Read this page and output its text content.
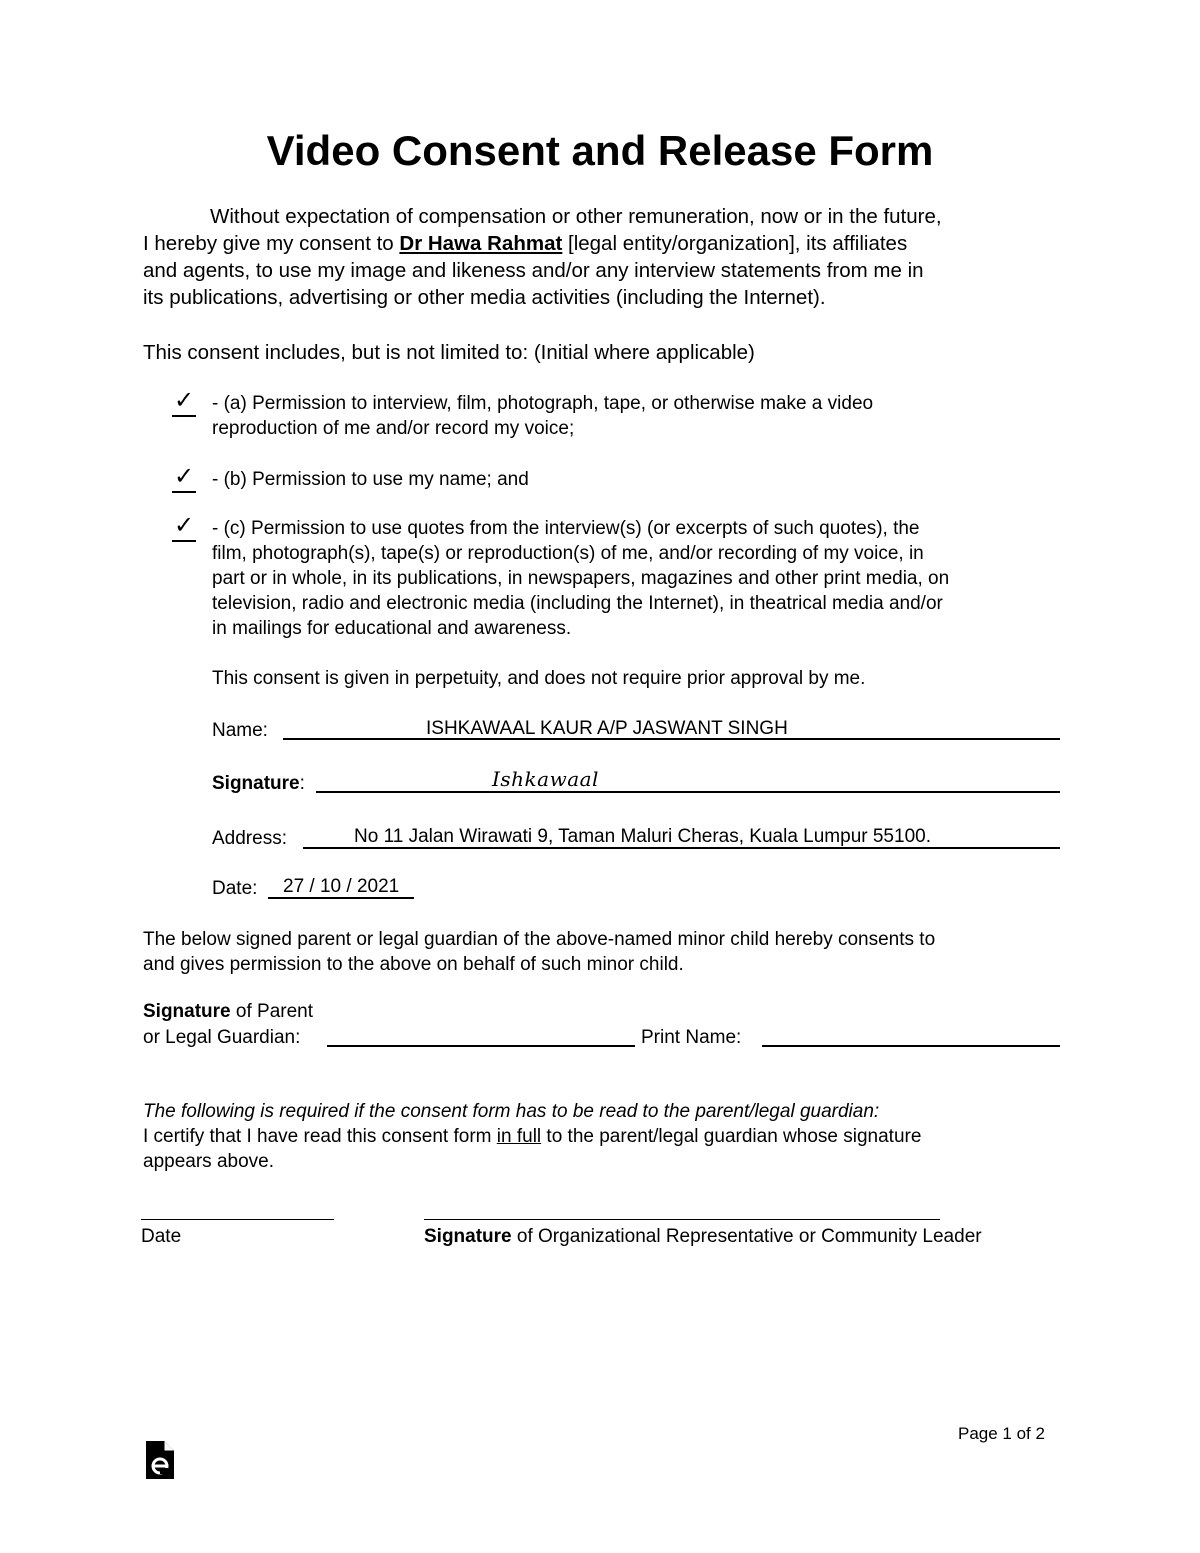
Video Consent and Release Form
Without expectation of compensation or other remuneration, now or in the future,
I hereby give my consent to Dr Hawa Rahmat [legal entity/organization], its affiliates
and agents, to use my image and likeness and/or any interview statements from me in
its publications, advertising or other media activities (including the Internet).
This consent includes, but is not limited to: (Initial where applicable)
✓ - (a) Permission to interview, film, photograph, tape, or otherwise make a video
reproduction of me and/or record my voice;
✓ - (b) Permission to use my name; and
✓ - (c) Permission to use quotes from the interview(s) (or excerpts of such quotes), the
film, photograph(s), tape(s) or reproduction(s) of me, and/or recording of my voice, in
part or in whole, in its publications, in newspapers, magazines and other print media, on
television, radio and electronic media (including the Internet), in theatrical media and/or
in mailings for educational and awareness.
This consent is given in perpetuity, and does not require prior approval by me.
Name:	ISHKAWAAL KAUR A/P JASWANT SINGH
Signature:	Ishkawaal
Address:	No 11 Jalan Wirawati 9, Taman Maluri Cheras, Kuala Lumpur 55100.
Date: 27 / 10 / 2021
The below signed parent or legal guardian of the above-named minor child hereby consents to
and gives permission to the above on behalf of such minor child.
Signature of Parent
or Legal Guardian:	Print Name:
The following is required if the consent form has to be read to the parent/legal guardian:
I certify that I have read this consent form in full to the parent/legal guardian whose signature
appears above.
Date	Signature of Organizational Representative or Community Leader
Page 1 of 2
